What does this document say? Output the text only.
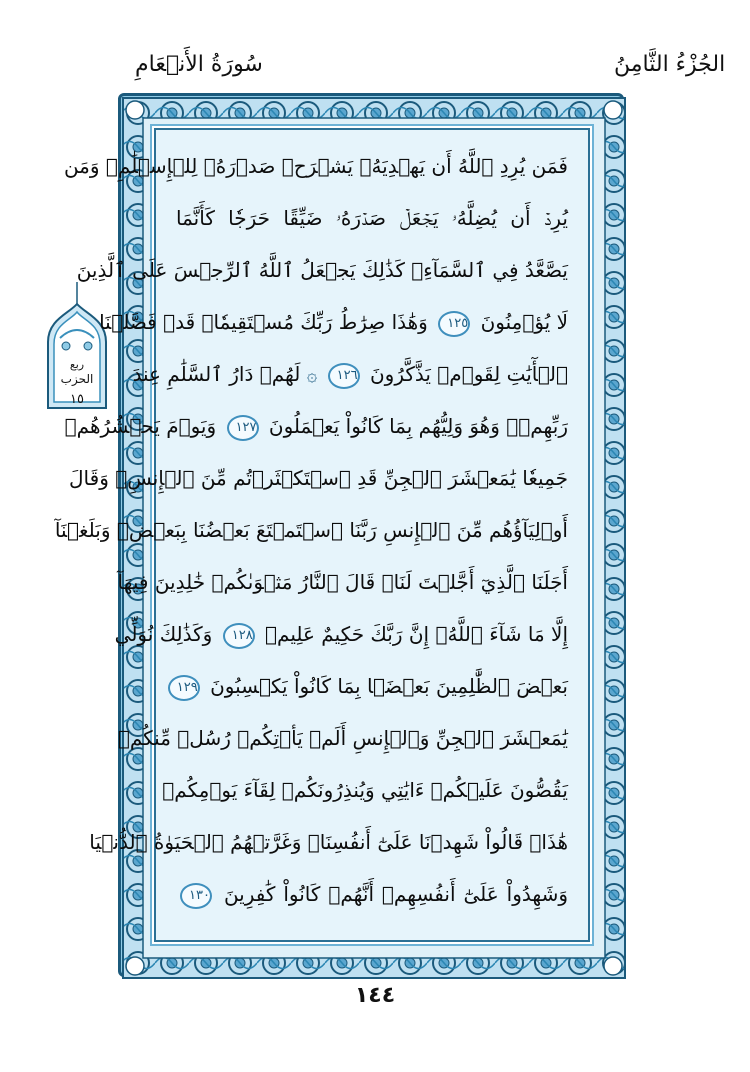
الجُزْءُ الثَّامِنُ
سُورَةُ الأَنۡعَامِ
ربع
الحزب
١٥
فَمَن يُرِدِ ٱللَّهُ أَن يَهۡدِيَهُۥ يَشۡرَحۡ صَدۡرَهُۥ لِلۡإِسۡلَٰمِۖ وَمَن
يُرِدۡ أَن يُضِلَّهُۥ يَجۡعَلۡ صَدۡرَهُۥ ضَيِّقًا حَرَجٗا كَأَنَّمَا
يَصَّعَّدُ فِي ٱلسَّمَآءِۚ كَذَٰلِكَ يَجۡعَلُ ٱللَّهُ ٱلرِّجۡسَ عَلَى ٱلَّذِينَ
لَا يُؤۡمِنُونَ ١٢٥ وَهَٰذَا صِرَٰطُ رَبِّكَ مُسۡتَقِيمٗاۗ قَدۡ فَصَّلۡنَا
ٱلۡأٓيَٰتِ لِقَوۡمٖ يَذَّكَّرُونَ ١٢٦ ۞ لَهُمۡ دَارُ ٱلسَّلَٰمِ عِندَ
رَبِّهِمۡۖ وَهُوَ وَلِيُّهُم بِمَا كَانُواْ يَعۡمَلُونَ ١٢٧ وَيَوۡمَ يَحۡشُرُهُمۡ
جَمِيعٗا يَٰمَعۡشَرَ ٱلۡجِنِّ قَدِ ٱسۡتَكۡثَرۡتُم مِّنَ ٱلۡإِنسِۖ وَقَالَ
أَوۡلِيَآؤُهُم مِّنَ ٱلۡإِنسِ رَبَّنَا ٱسۡتَمۡتَعَ بَعۡضُنَا بِبَعۡضٖ وَبَلَغۡنَآ
أَجَلَنَا ٱلَّذِيٓ أَجَّلۡتَ لَنَاۚ قَالَ ٱلنَّارُ مَثۡوَىٰكُمۡ خَٰلِدِينَ فِيهَآ
إِلَّا مَا شَآءَ ٱللَّهُۗ إِنَّ رَبَّكَ حَكِيمٌ عَلِيمٞ ١٢٨ وَكَذَٰلِكَ نُوَلِّي
بَعۡضَ ٱلظَّٰلِمِينَ بَعۡضَۢا بِمَا كَانُواْ يَكۡسِبُونَ ١٢٩
يَٰمَعۡشَرَ ٱلۡجِنِّ وَٱلۡإِنسِ أَلَمۡ يَأۡتِكُمۡ رُسُلٞ مِّنكُمۡ
يَقُصُّونَ عَلَيۡكُمۡ ءَايَٰتِي وَيُنذِرُونَكُمۡ لِقَآءَ يَوۡمِكُمۡ
هَٰذَاۚ قَالُواْ شَهِدۡنَا عَلَىٰٓ أَنفُسِنَاۖ وَغَرَّتۡهُمُ ٱلۡحَيَوٰةُ ٱلدُّنۡيَا
وَشَهِدُواْ عَلَىٰٓ أَنفُسِهِمۡ أَنَّهُمۡ كَانُواْ كَٰفِرِينَ ١٣٠
١٤٤
